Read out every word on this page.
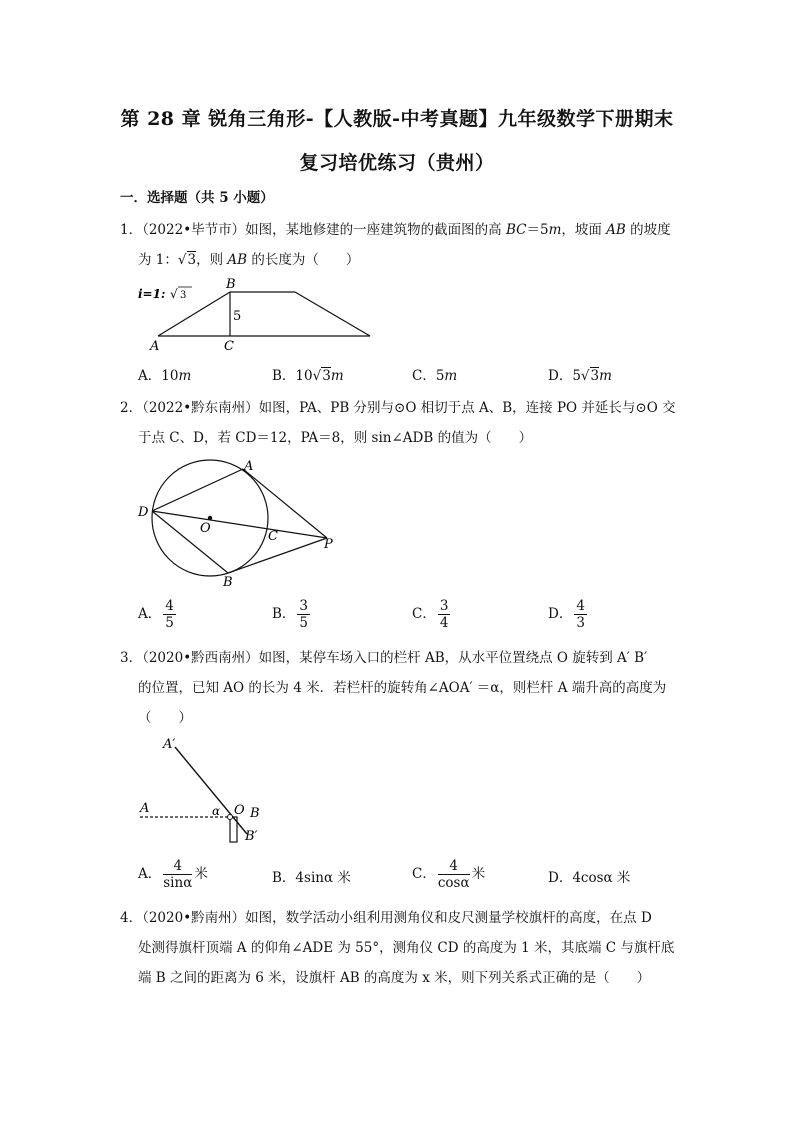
第 28 章 锐角三角形-【人教版-中考真题】九年级数学下册期末
复习培优练习（贵州）
一．选择题（共 5 小题）
1．（2022•毕节市）如图，某地修建的一座建筑物的截面图的高 BC＝5m，坡面 AB 的坡度
为 1：√3，则 AB 的长度为（　　）
i=1: √ 3
B
5
A	C
A．10m	B．10√3m	C．5m	D．5√3m
2．（2022•黔东南州）如图，PA、PB 分别与⊙O 相切于点 A、B，连接 PO 并延长与⊙O 交
于点 C、D，若 CD＝12，PA＝8，则 sin∠ADB 的值为（　　）
A
D
O
C
P
B
A． $\frac{4}{5}$	B． $\frac{3}{5}$	C． $\frac{3}{4}$	D． $\frac{4}{3}$
3．（2020•黔西南州）如图，某停车场入口的栏杆 AB，从水平位置绕点 O 旋转到 A′ B′
的位置，已知 AO 的长为 4 米．若栏杆的旋转角∠AOA′ ＝α，则栏杆 A 端升高的高度为
（　　）
A′
A	α O B
B′
A． $\frac{4}{\sin\alpha}$ 米	B．4sinα 米	C． $\frac{4}{\cos\alpha}$ 米	D．4cosα 米
4．（2020•黔南州）如图，数学活动小组利用测角仪和皮尺测量学校旗杆的高度，在点 D
处测得旗杆顶端 A 的仰角∠ADE 为 55°，测角仪 CD 的高度为 1 米，其底端 C 与旗杆底
端 B 之间的距离为 6 米，设旗杆 AB 的高度为 x 米，则下列关系式正确的是（　　）
